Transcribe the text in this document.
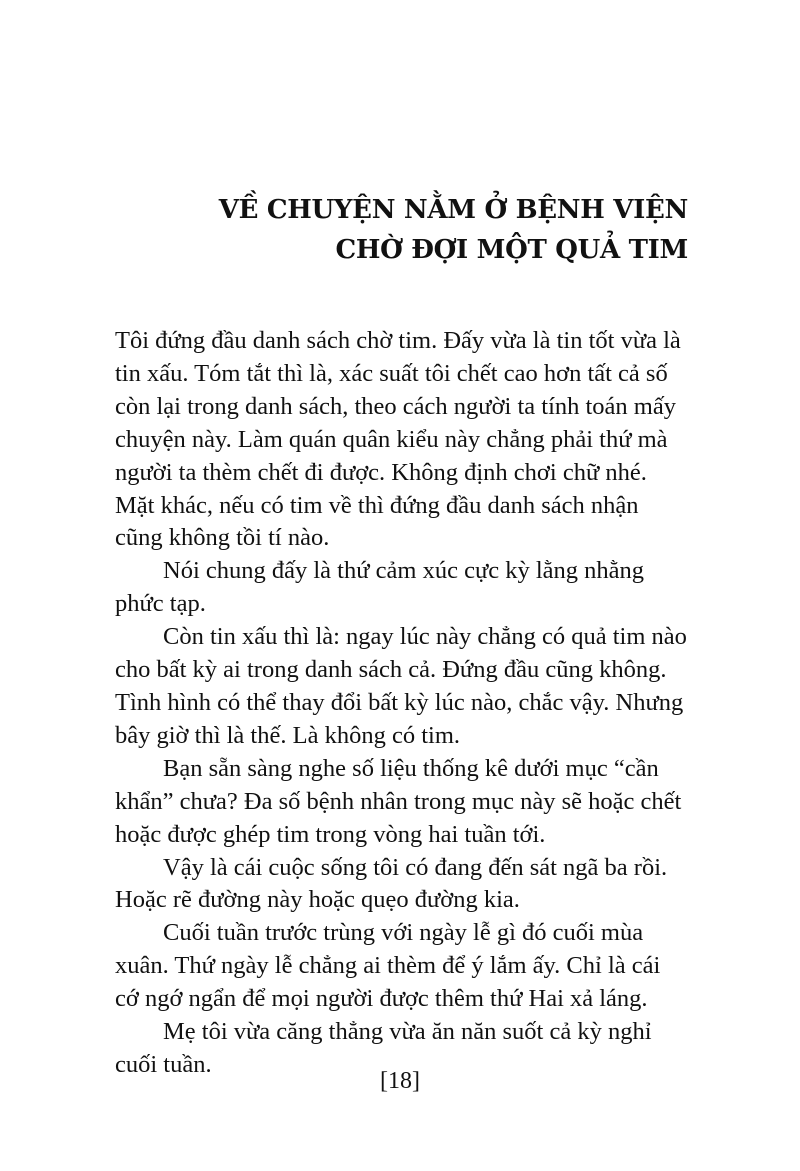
VỀ CHUYỆN NẰM Ở BỆNH VIỆN
CHỜ ĐỢI MỘT QUẢ TIM

Tôi đứng đầu danh sách chờ tim. Đấy vừa là tin tốt vừa là tin xấu. Tóm tắt thì là, xác suất tôi chết cao hơn tất cả số còn lại trong danh sách, theo cách người ta tính toán mấy chuyện này. Làm quán quân kiểu này chẳng phải thứ mà người ta thèm chết đi được. Không định chơi chữ nhé. Mặt khác, nếu có tim về thì đứng đầu danh sách nhận cũng không tồi tí nào.

Nói chung đấy là thứ cảm xúc cực kỳ lằng nhằng phức tạp.

Còn tin xấu thì là: ngay lúc này chẳng có quả tim nào cho bất kỳ ai trong danh sách cả. Đứng đầu cũng không. Tình hình có thể thay đổi bất kỳ lúc nào, chắc vậy. Nhưng bây giờ thì là thế. Là không có tim.

Bạn sẵn sàng nghe số liệu thống kê dưới mục “cần khẩn” chưa? Đa số bệnh nhân trong mục này sẽ hoặc chết hoặc được ghép tim trong vòng hai tuần tới.

Vậy là cái cuộc sống tôi có đang đến sát ngã ba rồi. Hoặc rẽ đường này hoặc quẹo đường kia.

Cuối tuần trước trùng với ngày lễ gì đó cuối mùa xuân. Thứ ngày lễ chẳng ai thèm để ý lắm ấy. Chỉ là cái cớ ngớ ngẩn để mọi người được thêm thứ Hai xả láng.

Mẹ tôi vừa căng thẳng vừa ăn năn suốt cả kỳ nghỉ cuối tuần.

[18]
